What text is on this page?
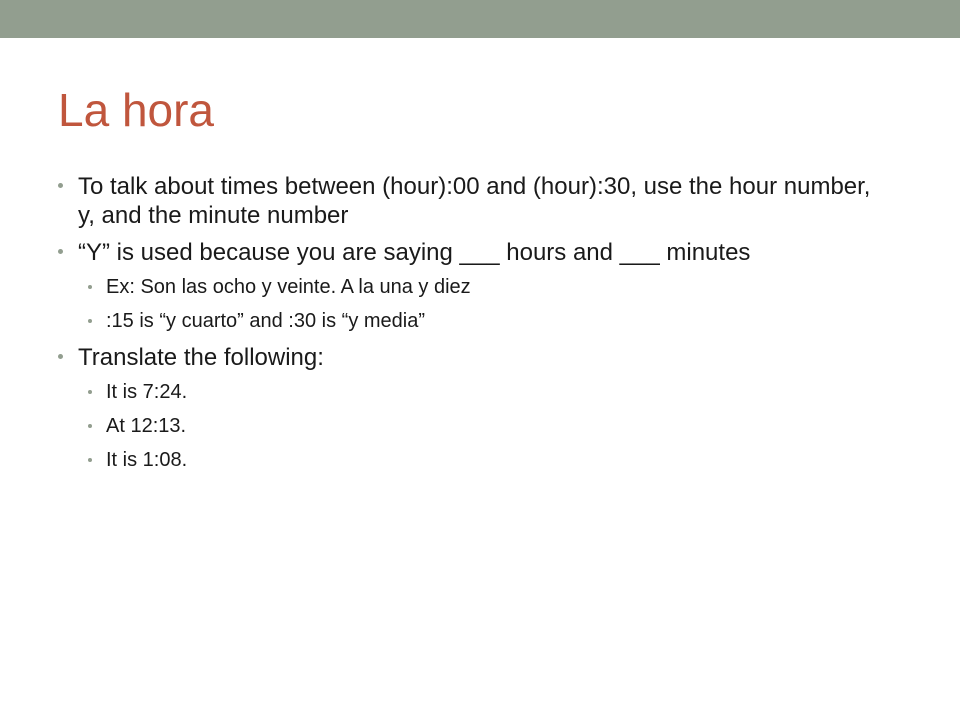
La hora
To talk about times between (hour):00 and (hour):30, use the hour number, y, and the minute number
“Y” is used because you are saying ___ hours and ___ minutes
Ex: Son las ocho y veinte. A la una y diez
:15 is “y cuarto” and :30 is “y media”
Translate the following:
It is 7:24.
At 12:13.
It is 1:08.
